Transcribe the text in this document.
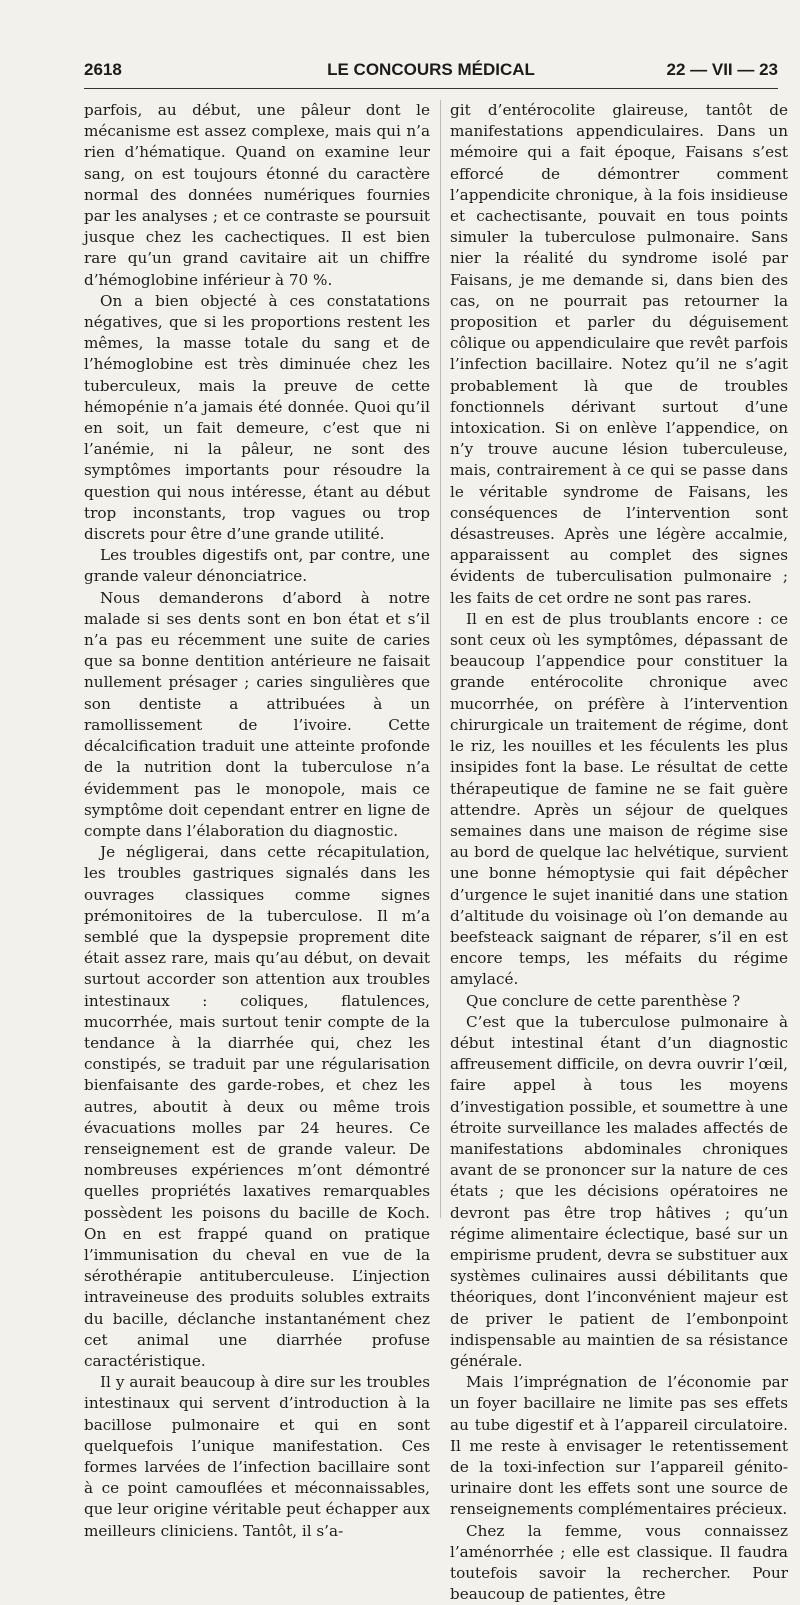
2618	LE CONCOURS MÉDICAL	22 — VII — 23

parfois, au début, une pâleur dont le mécanisme est assez complexe, mais qui n’a rien d’hématique. Quand on examine leur sang, on est toujours étonné du caractère normal des données numériques fournies par les analyses ; et ce contraste se poursuit jusque chez les cachectiques. Il est bien rare qu’un grand cavitaire ait un chiffre d’hémoglobine inférieur à 70 %.

On a bien objecté à ces constatations négatives, que si les proportions restent les mêmes, la masse totale du sang et de l’hémoglobine est très diminuée chez les tuberculeux, mais la preuve de cette hémopénie n’a jamais été donnée. Quoi qu’il en soit, un fait demeure, c’est que ni l’anémie, ni la pâleur, ne sont des symptômes importants pour résoudre la question qui nous intéresse, étant au début trop inconstants, trop vagues ou trop discrets pour être d’une grande utilité.

Les troubles digestifs ont, par contre, une grande valeur dénonciatrice.

Nous demanderons d’abord à notre malade si ses dents sont en bon état et s’il n’a pas eu récemment une suite de caries que sa bonne dentition antérieure ne faisait nullement présager ; caries singulières que son dentiste a attribuées à un ramollissement de l’ivoire. Cette décalcification traduit une atteinte profonde de la nutrition dont la tuberculose n’a évidemment pas le monopole, mais ce symptôme doit cependant entrer en ligne de compte dans l’élaboration du diagnostic.

Je négligerai, dans cette récapitulation, les troubles gastriques signalés dans les ouvrages classiques comme signes prémonitoires de la tuberculose. Il m’a semblé que la dyspepsie proprement dite était assez rare, mais qu’au début, on devait surtout accorder son attention aux troubles intestinaux : coliques, flatulences, mucorrhée, mais surtout tenir compte de la tendance à la diarrhée qui, chez les constipés, se traduit par une régularisation bienfaisante des garde-robes, et chez les autres, aboutit à deux ou même trois évacuations molles par 24 heures. Ce renseignement est de grande valeur. De nombreuses expériences m’ont démontré quelles propriétés laxatives remarquables possèdent les poisons du bacille de Koch. On en est frappé quand on pratique l’immunisation du cheval en vue de la sérothérapie antituberculeuse. L’injection intraveineuse des produits solubles extraits du bacille, déclanche instantanément chez cet animal une diarrhée profuse caractéristique.

Il y aurait beaucoup à dire sur les troubles intestinaux qui servent d’introduction à la bacillose pulmonaire et qui en sont quelquefois l’unique manifestation. Ces formes larvées de l’infection bacillaire sont à ce point camouflées et méconnaissables, que leur origine véritable peut échapper aux meilleurs cliniciens. Tantôt, il s’a-

git d’entérocolite glaireuse, tantôt de manifestations appendiculaires. Dans un mémoire qui a fait époque, Faisans s’est efforcé de démontrer comment l’appendicite chronique, à la fois insidieuse et cachectisante, pouvait en tous points simuler la tuberculose pulmonaire. Sans nier la réalité du syndrome isolé par Faisans, je me demande si, dans bien des cas, on ne pourrait pas retourner la proposition et parler du déguisement côlique ou appendiculaire que revêt parfois l’infection bacillaire. Notez qu’il ne s’agit probablement là que de troubles fonctionnels dérivant surtout d’une intoxication. Si on enlève l’appendice, on n’y trouve aucune lésion tuberculeuse, mais, contrairement à ce qui se passe dans le véritable syndrome de Faisans, les conséquences de l’intervention sont désastreuses. Après une légère accalmie, apparaissent au complet des signes évidents de tuberculisation pulmonaire ; les faits de cet ordre ne sont pas rares.

Il en est de plus troublants encore : ce sont ceux où les symptômes, dépassant de beaucoup l’appendice pour constituer la grande entérocolite chronique avec mucorrhée, on préfère à l’intervention chirurgicale un traitement de régime, dont le riz, les nouilles et les féculents les plus insipides font la base. Le résultat de cette thérapeutique de famine ne se fait guère attendre. Après un séjour de quelques semaines dans une maison de régime sise au bord de quelque lac helvétique, survient une bonne hémoptysie qui fait dépêcher d’urgence le sujet inanitié dans une station d’altitude du voisinage où l’on demande au beefsteack saignant de réparer, s’il en est encore temps, les méfaits du régime amylacé.

Que conclure de cette parenthèse ?

C’est que la tuberculose pulmonaire à début intestinal étant d’un diagnostic affreusement difficile, on devra ouvrir l’œil, faire appel à tous les moyens d’investigation possible, et soumettre à une étroite surveillance les malades affectés de manifestations abdominales chroniques avant de se prononcer sur la nature de ces états ; que les décisions opératoires ne devront pas être trop hâtives ; qu’un régime alimentaire éclectique, basé sur un empirisme prudent, devra se substituer aux systèmes culinaires aussi débilitants que théoriques, dont l’inconvénient majeur est de priver le patient de l’embonpoint indispensable au maintien de sa résistance générale.

Mais l’imprégnation de l’économie par un foyer bacillaire ne limite pas ses effets au tube digestif et à l’appareil circulatoire. Il me reste à envisager le retentissement de la toxi-infection sur l’appareil génito-urinaire dont les effets sont une source de renseignements complémentaires précieux.

Chez la femme, vous connaissez l’aménorrhée ; elle est classique. Il faudra toutefois savoir la rechercher. Pour beaucoup de patientes, être
